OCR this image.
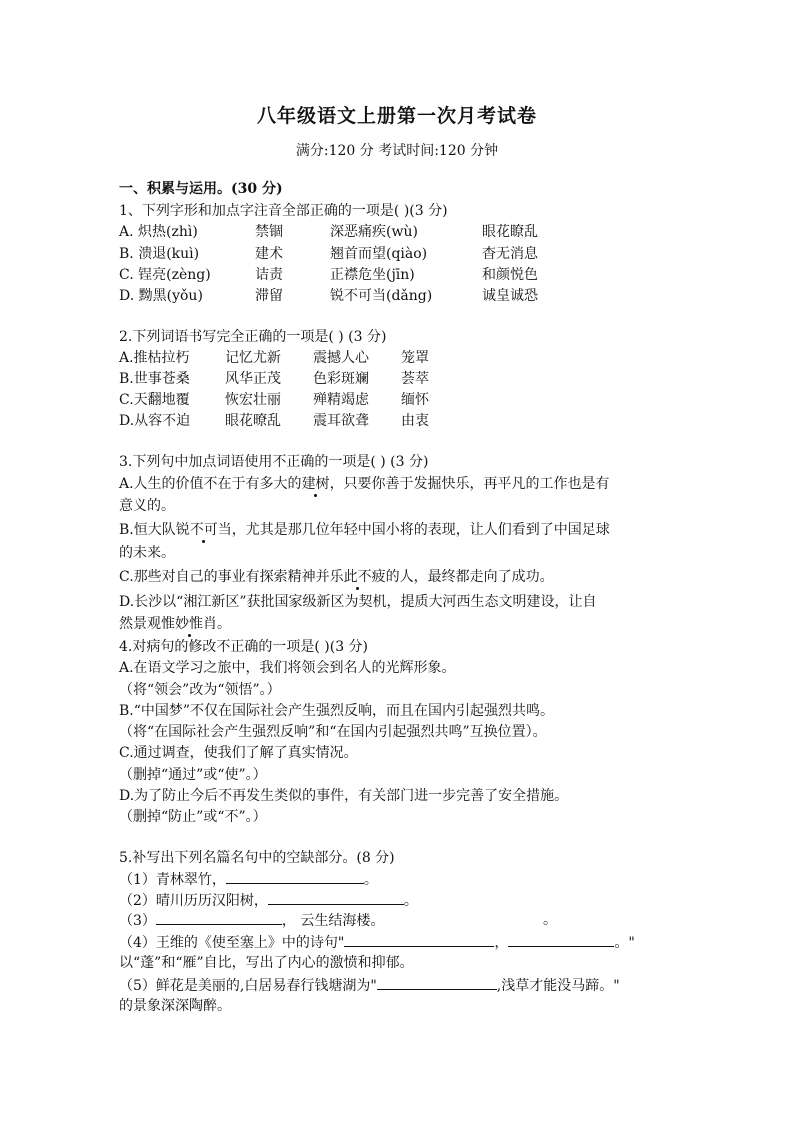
八年级语文上册第一次月考试卷
满分:120 分 考试时间:120 分钟
一、积累与运用。(30 分)
1、下列字形和加点字注音全部正确的一项是( )(3 分)
A. 炽热(zhì)	禁锢	深恶痛疾(wù)	眼花瞭乱
B. 溃退(kuì)	建术	翘首而望(qiào)	杳无消息
C. 锃亮(zèng)	诘责	正襟危坐(jīn)	和颜悦色
D. 黝黑(yǒu)	滞留	锐不可当(dǎng)	诚皇诚恐
2.下列词语书写完全正确的一项是( ) (3 分)
A.推枯拉朽	记忆尤新 震撼人心 笼罩
B.世事苍桑	风华正茂 色彩斑斓 荟萃
C.天翻地覆	恢宏壮丽 殚精竭虑 缅怀
D.从容不迫 眼花暸乱 震耳欲聋 由衷
3.下列句中加点词语使用不正确的一项是( ) (3 分)
A.人生的价值不在于有多大的建树，只要你善于发掘快乐，再平凡的工作也是有
意义的。
B.恒大队锐不可当，尤其是那几位年轻中国小将的表现，让人们看到了中国足球
的未来。
C.那些对自己的事业有探索精神并乐此不疲的人，最终都走向了成功。
D.长沙以“湘江新区”获批国家级新区为契机，提质大河西生态文明建设，让自
然景观惟妙惟肖。
4.对病句的修改不正确的一项是( )(3 分)
A.在语文学习之旅中，我们将领会到名人的光辉形象。
（将“领会”改为“领悟”。）
B.“中国梦”不仅在国际社会产生强烈反响，而且在国内引起强烈共鸣。
（将“在国际社会产生强烈反响”和“在国内引起强烈共鸣”互换位置）。
C.通过调查，使我们了解了真实情况。
（删掉“通过”或“使”。）
D.为了防止今后不再发生类似的事件，有关部门进一步完善了安全措施。
（删掉“防止”或“不”。）
5.补写出下列名篇名句中的空缺部分。(8 分)
（1）青林翠竹，	。
（2）晴川历历汉阳树，	。
（3）	， 云生结海楼。	。
（4）王维的《使至塞上》中的诗句"	，	。"
以“蓬”和“雁”自比，写出了内心的激愤和抑郁。
（5）鲜花是美丽的,白居易春行钱塘湖为"	,浅草才能没马蹄。"
的景象深深陶醉。
